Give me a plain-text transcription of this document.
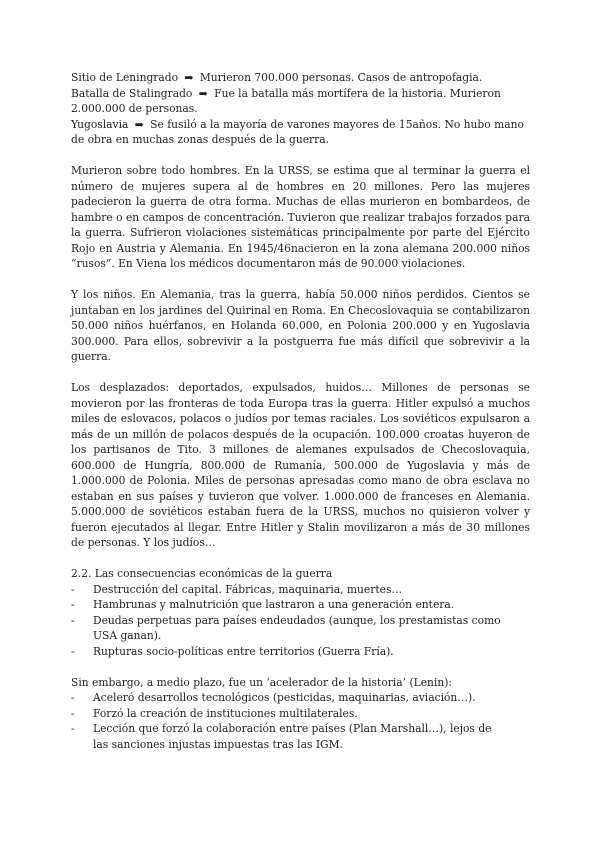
Sitio de Leningrado ➡ Murieron 700.000 personas. Casos de antropofagia.

Batalla de Stalingrado ➡ Fue la batalla más mortífera de la historia. Murieron 2.000.000 de personas.

Yugoslavia ➡ Se fusiló a la mayoría de varones mayores de 15años. No hubo mano de obra en muchas zonas después de la guerra.

Murieron sobre todo hombres. En la URSS, se estima que al terminar la guerra el número de mujeres supera al de hombres en 20 millones. Pero las mujeres padecieron la guerra de otra forma. Muchas de ellas murieron en bombardeos, de hambre o en campos de concentración. Tuvieron que realizar trabajos forzados para la guerra. Sufrieron violaciones sistemáticas principalmente por parte del Ejército Rojo en Austria y Alemania. En 1945/46nacieron en la zona alemana 200.000 niños “rusos”. En Viena los médicos documentaron más de 90.000 violaciones.

Y los niños. En Alemania, tras la guerra, había 50.000 niños perdidos. Cientos se juntaban en los jardines del Quirinal en Roma. En Checoslovaquia se contabilizaron 50.000 niños huérfanos, en Holanda 60.000, en Polonia 200.000 y en Yugoslavia 300.000. Para ellos, sobrevivir a la postguerra fue más difícil que sobrevivir a la guerra.

Los desplazados: deportados, expulsados, huidos… Millones de personas se movieron por las fronteras de toda Europa tras la guerra. Hitler expulsó a muchos miles de eslovacos, polacos o judíos por temas raciales. Los soviéticos expulsaron a más de un millón de polacos después de la ocupación. 100.000 croatas huyeron de los partisanos de Tito. 3 millones de alemanes expulsados de Checoslovaquia, 600.000 de Hungría, 800.000 de Rumanía, 500.000 de Yugoslavia y más de 1.000.000 de Polonia. Miles de personas apresadas como mano de obra esclava no estaban en sus países y tuvieron que volver. 1.000.000 de franceses en Alemania. 5.000.000 de soviéticos estaban fuera de la URSS, muchos no quisieron volver y fueron ejecutados al llegar. Entre Hitler y Stalin movilizaron a más de 30 millones de personas. Y los judíos…

2.2. Las consecuencias económicas de la guerra

-	Destrucción del capital. Fábricas, maquinaria, muertes…
-	Hambrunas y malnutrición que lastraron a una generación entera.
-	Deudas perpetuas para países endeudados (aunque, los prestamistas como USA ganan).
-	Rupturas socio-políticas entre territorios (Guerra Fría).

Sin embargo, a medio plazo, fue un ‘acelerador de la historia’ (Lenin):

-	Aceleró desarrollos tecnológicos (pesticidas, maquinarias, aviación…).
-	Forzó la creación de instituciones multilaterales.
-	Lección que forzó la colaboración entre países (Plan Marshall…), lejos de las sanciones injustas impuestas tras las IGM.
